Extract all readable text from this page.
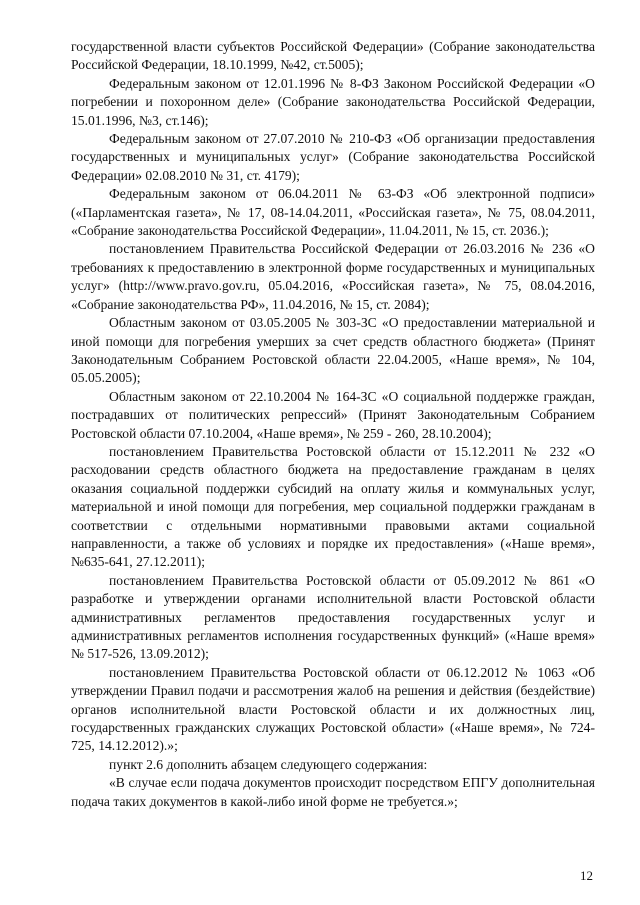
государственной власти субъектов Российской Федерации» (Собрание законодательства Российской Федерации, 18.10.1999, №42, ст.5005);

Федеральным законом от 12.01.1996 № 8-ФЗ Законом Российской Федерации «О погребении и похоронном деле» (Собрание законодательства Российской Федерации, 15.01.1996, №3, ст.146);

Федеральным законом от 27.07.2010 № 210-ФЗ «Об организации предоставления государственных и муниципальных услуг» (Собрание законодательства Российской Федерации» 02.08.2010 № 31, ст. 4179);

Федеральным законом от 06.04.2011 № 63-ФЗ «Об электронной подписи» («Парламентская газета», № 17, 08-14.04.2011, «Российская газета», № 75, 08.04.2011, «Собрание законодательства Российской Федерации», 11.04.2011, № 15, ст. 2036.);

постановлением Правительства Российской Федерации от 26.03.2016 № 236 «О требованиях к предоставлению в электронной форме государственных и муниципальных услуг» (http://www.pravo.gov.ru, 05.04.2016, «Российская газета», № 75, 08.04.2016, «Собрание законодательства РФ», 11.04.2016, № 15, ст. 2084);

Областным законом от 03.05.2005 № 303-ЗС «О предоставлении материальной и иной помощи для погребения умерших за счет средств областного бюджета» (Принят Законодательным Собранием Ростовской области 22.04.2005, «Наше время», № 104, 05.05.2005);

Областным законом от 22.10.2004 № 164-ЗС «О социальной поддержке граждан, пострадавших от политических репрессий» (Принят Законодательным Собранием Ростовской области 07.10.2004, «Наше время», № 259 - 260, 28.10.2004);

постановлением Правительства Ростовской области от 15.12.2011 № 232 «О расходовании средств областного бюджета на предоставление гражданам в целях оказания социальной поддержки субсидий на оплату жилья и коммунальных услуг, материальной и иной помощи для погребения, мер социальной поддержки гражданам в соответствии с отдельными нормативными правовыми актами социальной направленности, а также об условиях и порядке их предоставления» («Наше время», №635-641, 27.12.2011);

постановлением Правительства Ростовской области от 05.09.2012 № 861 «О разработке и утверждении органами исполнительной власти Ростовской области административных регламентов предоставления государственных услуг и административных регламентов исполнения государственных функций» («Наше время» № 517-526, 13.09.2012);

постановлением Правительства Ростовской области от 06.12.2012 № 1063 «Об утверждении Правил подачи и рассмотрения жалоб на решения и действия (бездействие) органов исполнительной власти Ростовской области и их должностных лиц, государственных гражданских служащих Ростовской области» («Наше время», № 724-725, 14.12.2012).»;

пункт 2.6 дополнить абзацем следующего содержания:

«В случае если подача документов происходит посредством ЕПГУ дополнительная подача таких документов в какой-либо иной форме не требуется.»;

12
